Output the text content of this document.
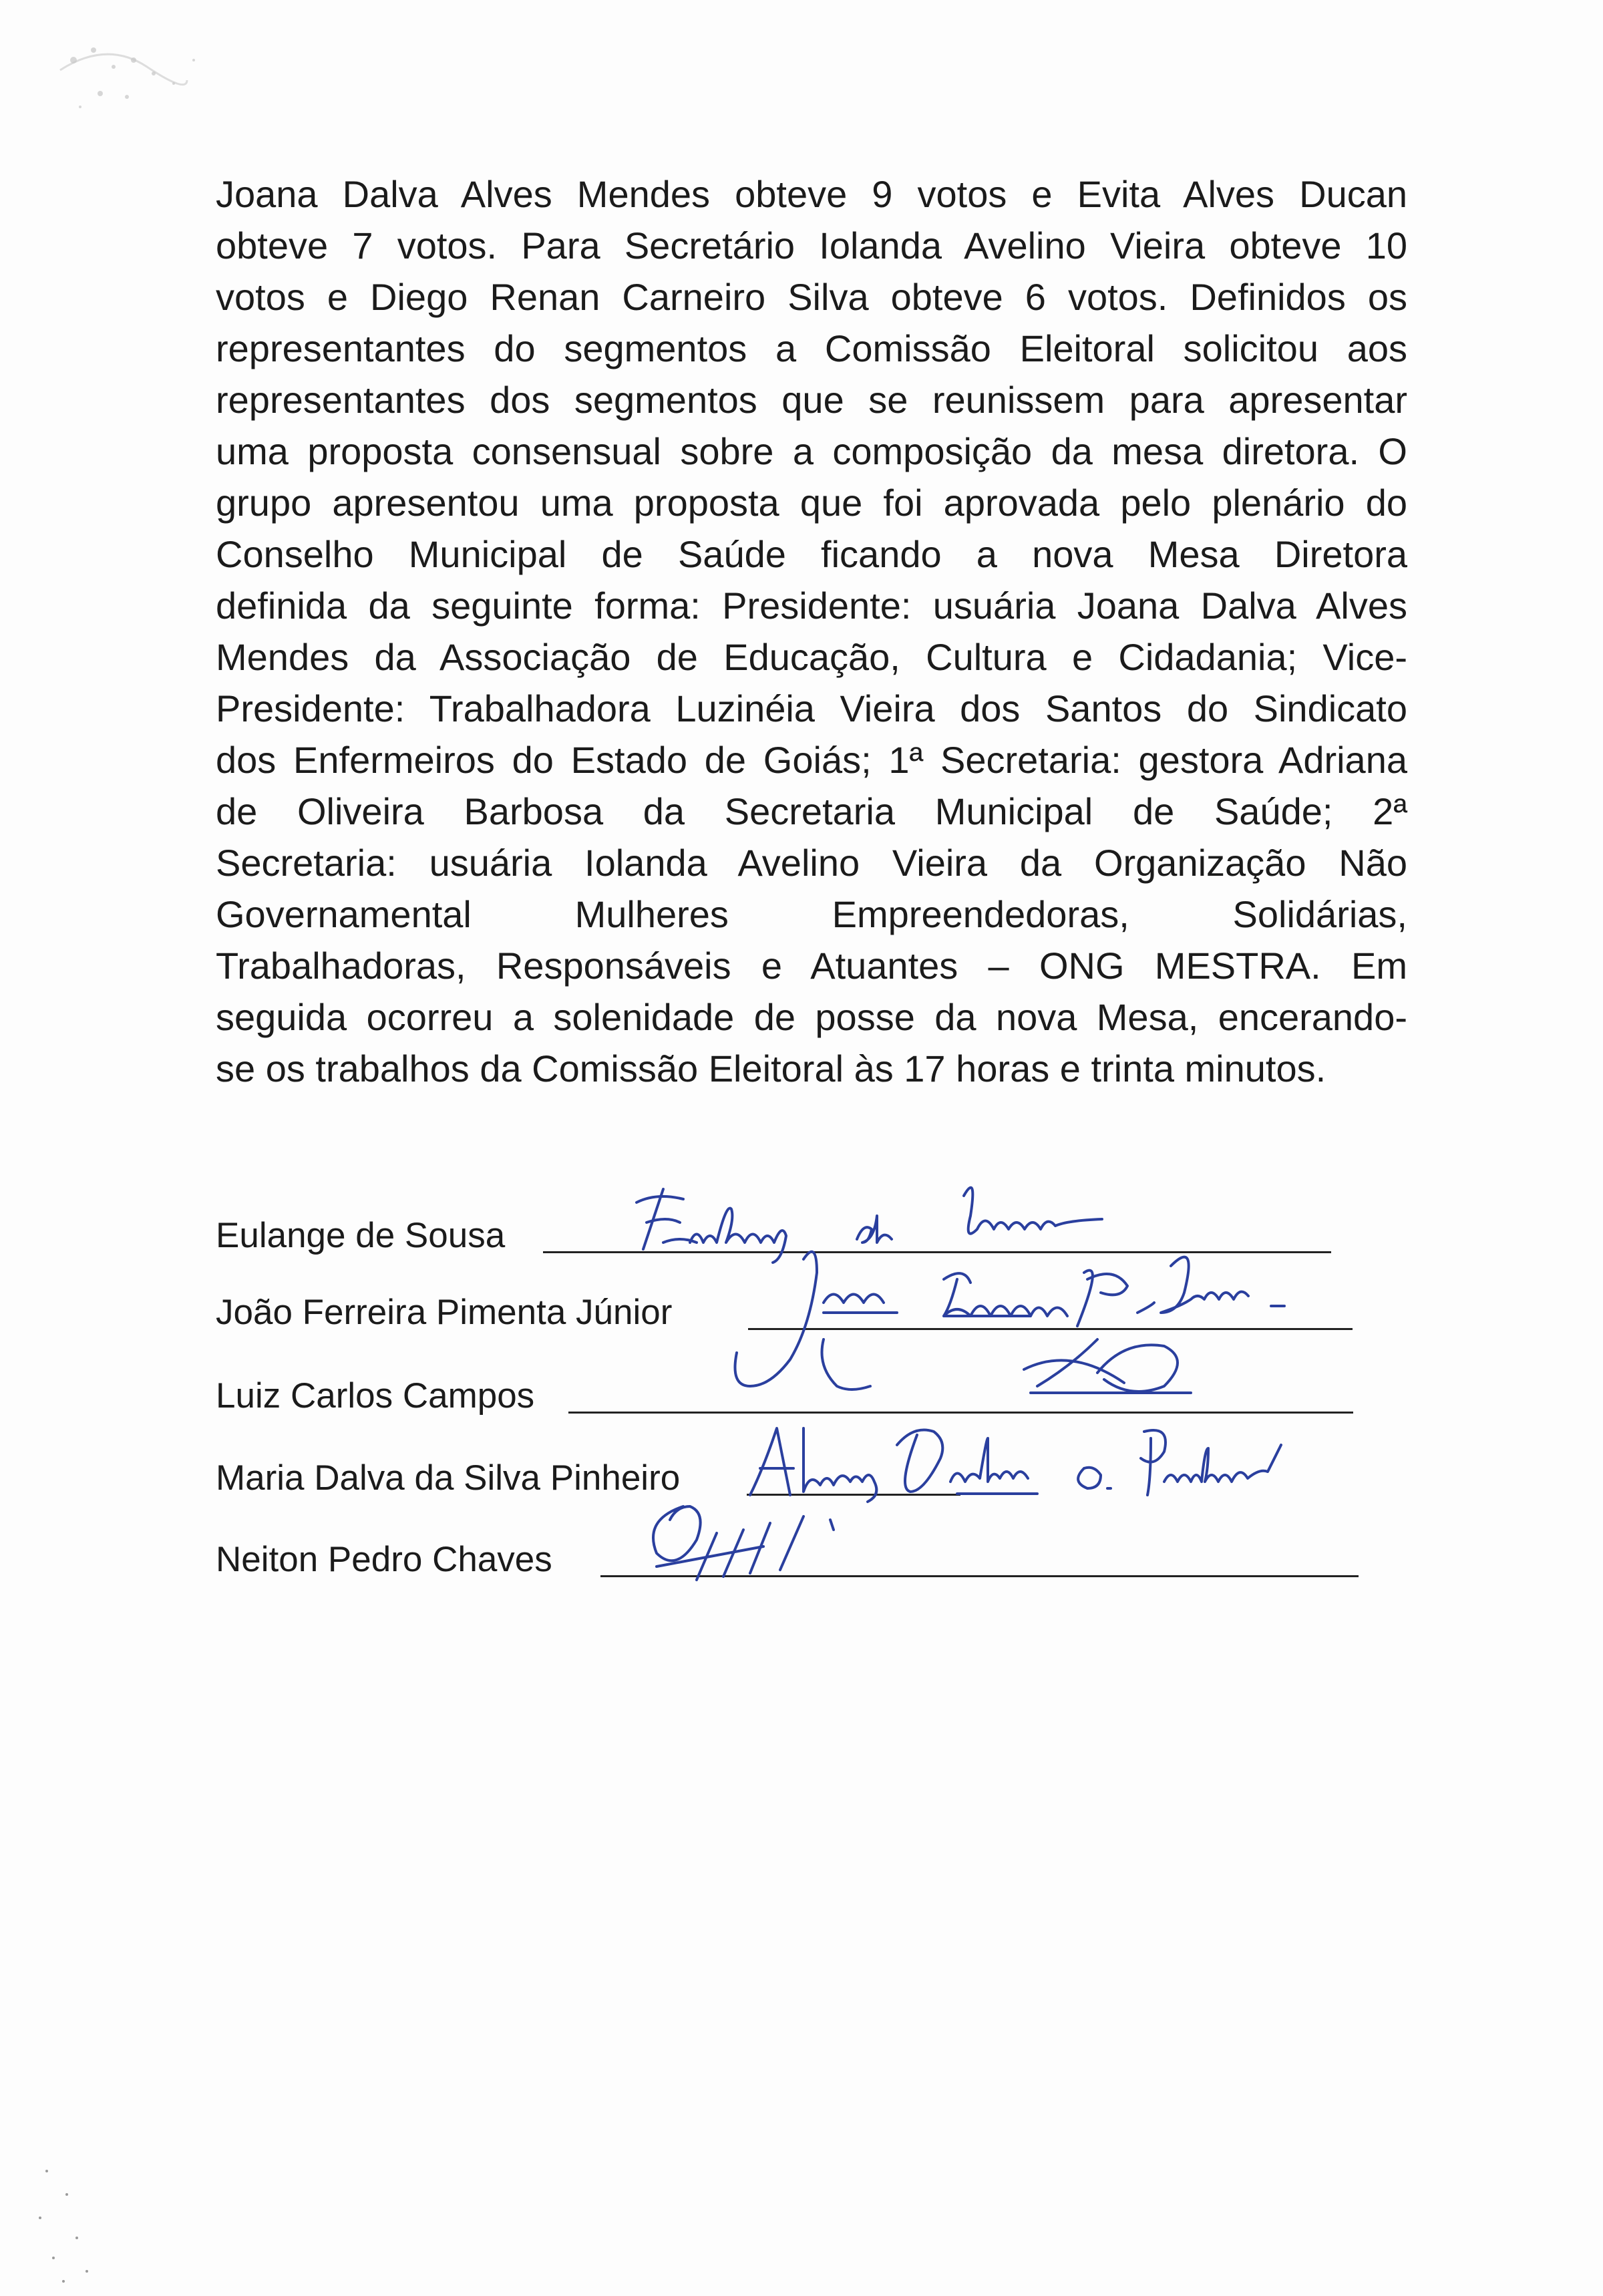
Joana Dalva Alves Mendes obteve 9 votos e Evita Alves Ducan
obteve 7 votos. Para Secretário Iolanda Avelino Vieira obteve 10
votos e Diego Renan Carneiro Silva obteve 6 votos. Definidos os
representantes do segmentos a Comissão Eleitoral solicitou aos
representantes dos segmentos que se reunissem para apresentar
uma proposta consensual sobre a composição da mesa diretora. O
grupo apresentou uma proposta que foi aprovada pelo plenário do
Conselho Municipal de Saúde ficando a nova Mesa Diretora
definida da seguinte forma: Presidente: usuária Joana Dalva Alves
Mendes da Associação de Educação, Cultura e Cidadania; Vice-
Presidente: Trabalhadora Luzinéia Vieira dos Santos do Sindicato
dos Enfermeiros do Estado de Goiás; 1ª Secretaria: gestora Adriana
de Oliveira Barbosa da Secretaria Municipal de Saúde; 2ª
Secretaria: usuária Iolanda Avelino Vieira da Organização Não
Governamental Mulheres Empreendedoras, Solidárias,
Trabalhadoras, Responsáveis e Atuantes – ONG MESTRA. Em
seguida ocorreu a solenidade de posse da nova Mesa, encerando-
se os trabalhos da Comissão Eleitoral às 17 horas e trinta minutos.
Eulange de Sousa
João Ferreira Pimenta Júnior
Luiz Carlos Campos
Maria Dalva da Silva Pinheiro
Neiton Pedro Chaves
